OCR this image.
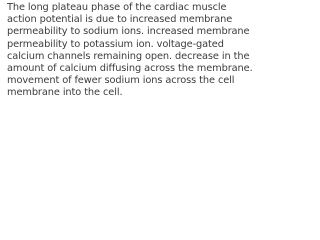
The long plateau phase of the cardiac muscle action potential is due to increased membrane permeability to sodium ions. increased membrane permeability to potassium ion. voltage-gated calcium channels remaining open. decrease in the amount of calcium diffusing across the membrane. movement of fewer sodium ions across the cell membrane into the cell.
